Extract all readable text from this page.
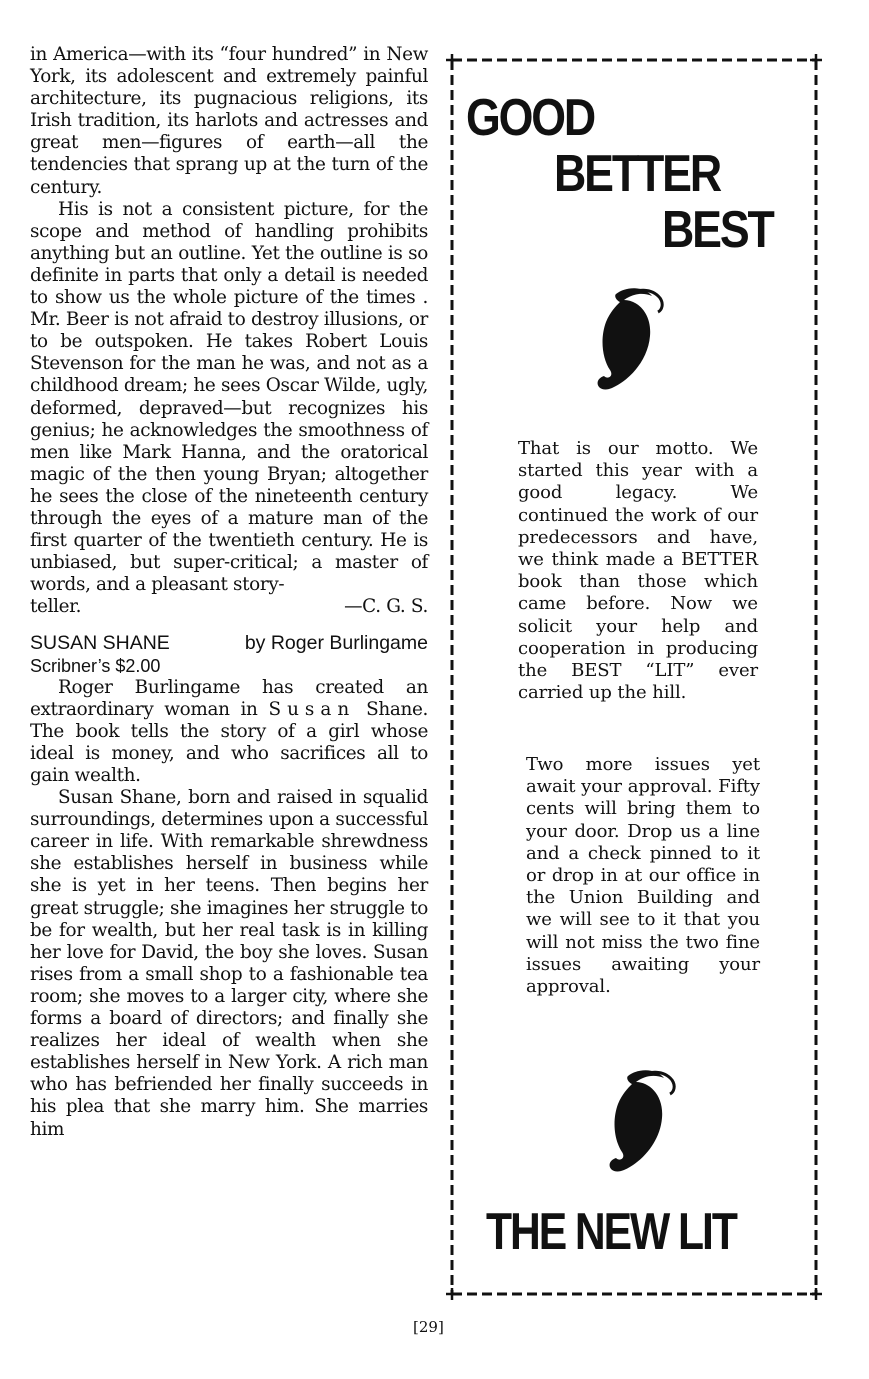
in America—with its “four hundred” in New York, its adolescent and extremely painful architecture, its pugnacious religions, its Irish tradition, its harlots and actresses and great men—figures of earth—all the tendencies that sprang up at the turn of the century.

His is not a consistent picture, for the scope and method of handling prohibits anything but an outline. Yet the outline is so definite in parts that only a detail is needed to show us the whole picture of the times . Mr. Beer is not afraid to destroy illusions, or to be outspoken. He takes Robert Louis Stevenson for the man he was, and not as a childhood dream; he sees Oscar Wilde, ugly, deformed, depraved—but recognizes his genius; he acknowledges the smoothness of men like Mark Hanna, and the oratorical magic of the then young Bryan; altogether he sees the close of the nineteenth century through the eyes of a mature man of the first quarter of the twentieth century. He is unbiased, but super-critical; a master of words, and a pleasant story-

teller.	—C. G. S.
SUSAN SHANE	by Roger Burlingame

Scribner’s $2.00

Roger Burlingame has created an extraordinary woman in Susan Shane. The book tells the story of a girl whose ideal is money, and who sacrifices all to gain wealth.

Susan Shane, born and raised in squalid surroundings, determines upon a successful career in life. With remarkable shrewdness she establishes herself in business while she is yet in her teens. Then begins her great struggle; she imagines her struggle to be for wealth, but her real task is in killing her love for David, the boy she loves. Susan rises from a small shop to a fashionable tea room; she moves to a larger city, where she forms a board of directors; and finally she realizes her ideal of wealth when she establishes herself in New York. A rich man who has befriended her finally succeeds in his plea that she marry him. She marries him

GOOD

BETTER

BEST

That is our motto. We started this year with a good legacy. We continued the work of our predecessors and have, we think made a BETTER book than those which came before. Now we solicit your help and cooperation in producing the BEST “LIT” ever carried up the hill.

Two more issues yet await your approval. Fifty cents will bring them to your door. Drop us a line and a check pinned to it or drop in at our office in the Union Building and we will see to it that you will not miss the two fine issues awaiting your approval.

THE NEW LIT

[29]
